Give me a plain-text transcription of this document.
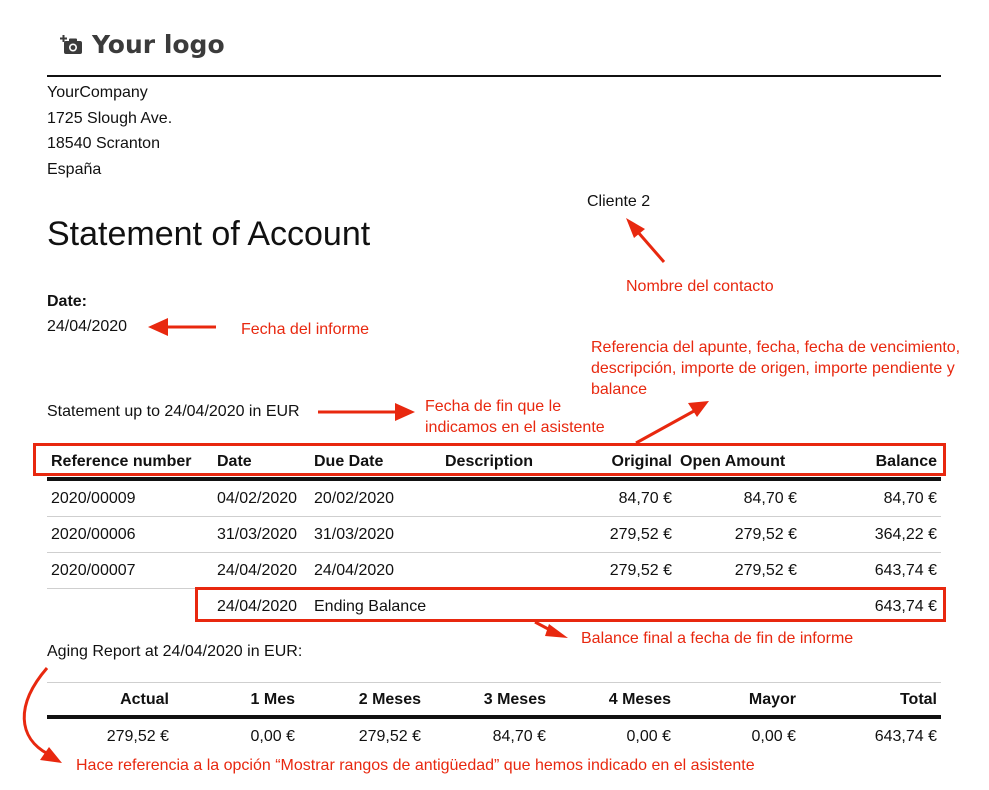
Your logo
YourCompany
1725 Slough Ave.
18540 Scranton
España
Cliente 2
Statement of Account
Date:
24/04/2020
Statement up to 24/04/2020 in EUR
Reference number	Date	Due Date	Description	Original	Open Amount	Balance
2020/00009	04/02/2020	20/02/2020		84,70 €	84,70 €	84,70 €
2020/00006	31/03/2020	31/03/2020		279,52 €	279,52 €	364,22 €
2020/00007	24/04/2020	24/04/2020		279,52 €	279,52 €	643,74 €
	24/04/2020	Ending Balance				643,74 €
Aging Report at 24/04/2020 in EUR:
Actual	1 Mes	2 Meses	3 Meses	4 Meses	Mayor	Total
279,52 €	0,00 €	279,52 €	84,70 €	0,00 €	0,00 €	643,74 €
Nombre del contacto
Fecha del informe
Referencia del apunte, fecha, fecha de vencimiento,
descripción, importe de origen, importe pendiente y
balance
Fecha de fin que le
indicamos en el asistente
Balance final a fecha de fin de informe
Hace referencia a la opción “Mostrar rangos de antigüedad” que hemos indicado en el asistente
